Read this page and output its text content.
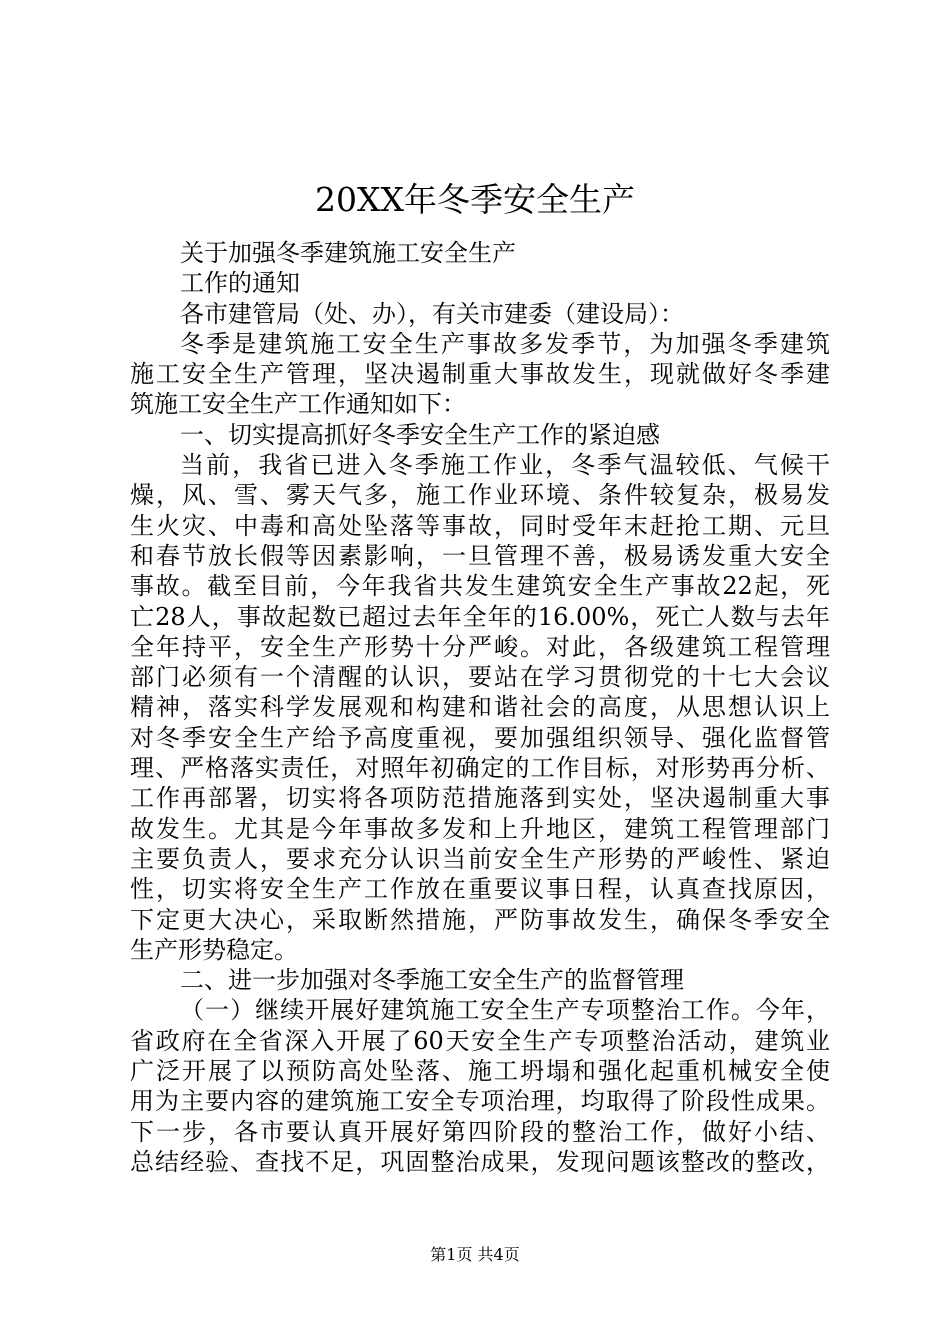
20XX年冬季安全生产
关于加强冬季建筑施工安全生产
工作的通知
各市建管局（处、办），有关市建委（建设局）：
冬季是建筑施工安全生产事故多发季节，为加强冬季建筑
施工安全生产管理，坚决遏制重大事故发生，现就做好冬季建
筑施工安全生产工作通知如下：
一、切实提高抓好冬季安全生产工作的紧迫感
当前，我省已进入冬季施工作业，冬季气温较低、气候干
燥，风、雪、雾天气多，施工作业环境、条件较复杂，极易发
生火灾、中毒和高处坠落等事故，同时受年末赶抢工期、元旦
和春节放长假等因素影响，一旦管理不善，极易诱发重大安全
事故。截至目前，今年我省共发生建筑安全生产事故22起，死
亡28人，事故起数已超过去年全年的16.00%，死亡人数与去年
全年持平，安全生产形势十分严峻。对此，各级建筑工程管理
部门必须有一个清醒的认识，要站在学习贯彻党的十七大会议
精神，落实科学发展观和构建和谐社会的高度，从思想认识上
对冬季安全生产给予高度重视，要加强组织领导、强化监督管
理、严格落实责任，对照年初确定的工作目标，对形势再分析、
工作再部署，切实将各项防范措施落到实处，坚决遏制重大事
故发生。尤其是今年事故多发和上升地区，建筑工程管理部门
主要负责人，要求充分认识当前安全生产形势的严峻性、紧迫
性，切实将安全生产工作放在重要议事日程，认真查找原因，
下定更大决心，采取断然措施，严防事故发生，确保冬季安全
生产形势稳定。
二、进一步加强对冬季施工安全生产的监督管理
（一）继续开展好建筑施工安全生产专项整治工作。今年，
省政府在全省深入开展了60天安全生产专项整治活动，建筑业
广泛开展了以预防高处坠落、施工坍塌和强化起重机械安全使
用为主要内容的建筑施工安全专项治理，均取得了阶段性成果。
下一步，各市要认真开展好第四阶段的整治工作，做好小结、
总结经验、查找不足，巩固整治成果，发现问题该整改的整改，
第1页 共4页
